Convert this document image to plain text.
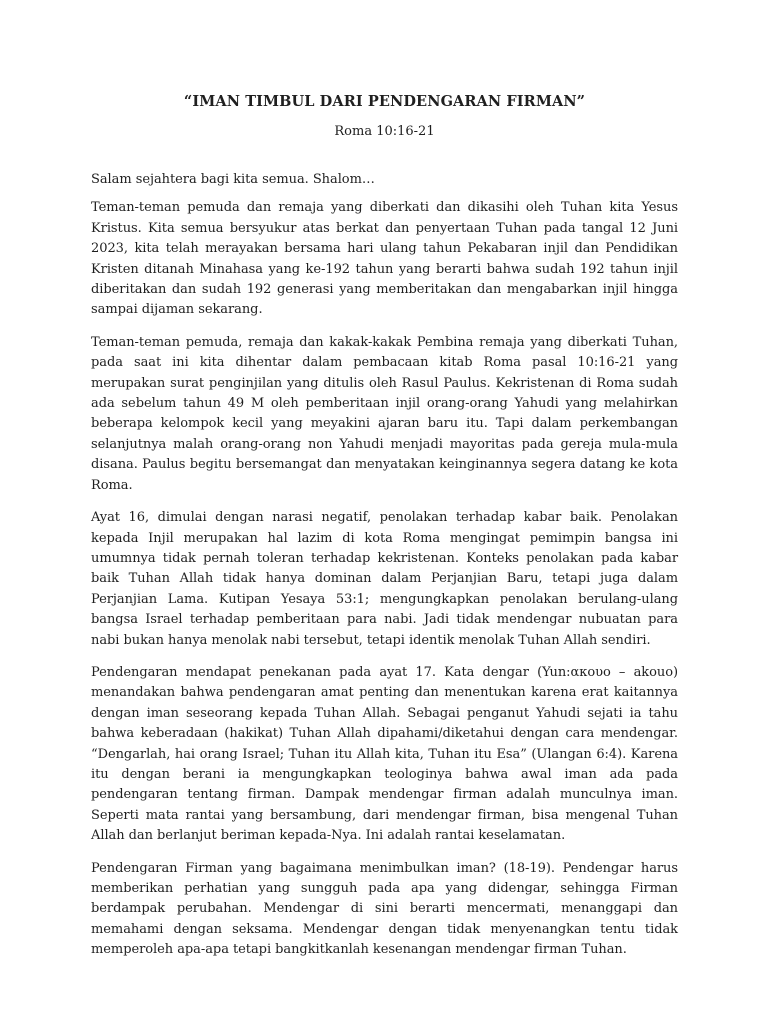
“IMAN TIMBUL DARI PENDENGARAN FIRMAN”

Roma 10:16-21

Salam sejahtera bagi kita semua. Shalom…

Teman-teman pemuda dan remaja yang diberkati dan dikasihi oleh Tuhan kita Yesus Kristus. Kita semua bersyukur atas berkat dan penyertaan Tuhan pada tangal 12 Juni 2023, kita telah merayakan bersama hari ulang tahun Pekabaran injil dan Pendidikan Kristen ditanah Minahasa yang ke-192 tahun yang berarti bahwa sudah 192 tahun injil diberitakan dan sudah 192 generasi yang memberitakan dan mengabarkan injil hingga sampai dijaman sekarang.

Teman-teman pemuda, remaja dan kakak-kakak Pembina remaja yang diberkati Tuhan, pada saat ini kita dihentar dalam pembacaan kitab Roma pasal 10:16-21 yang merupakan surat penginjilan yang ditulis oleh Rasul Paulus. Kekristenan di Roma sudah ada sebelum tahun 49 M oleh pemberitaan injil orang-orang Yahudi yang melahirkan beberapa kelompok kecil yang meyakini ajaran baru itu. Tapi dalam perkembangan selanjutnya malah orang-orang non Yahudi menjadi mayoritas pada gereja mula-mula disana. Paulus begitu bersemangat dan menyatakan keinginannya segera datang ke kota Roma.

Ayat 16, dimulai dengan narasi negatif, penolakan terhadap kabar baik. Penolakan kepada Injil merupakan hal lazim di kota Roma mengingat pemimpin bangsa ini umumnya tidak pernah toleran terhadap kekristenan. Konteks penolakan pada kabar baik Tuhan Allah tidak hanya dominan dalam Perjanjian Baru, tetapi juga dalam Perjanjian Lama. Kutipan Yesaya 53:1; mengungkapkan penolakan berulang-ulang bangsa Israel terhadap pemberitaan para nabi. Jadi tidak mendengar nubuatan para nabi bukan hanya menolak nabi tersebut, tetapi identik menolak Tuhan Allah sendiri.

Pendengaran mendapat penekanan pada ayat 17. Kata dengar (Yun:ακουο – akouo) menandakan bahwa pendengaran amat penting dan menentukan karena erat kaitannya dengan iman seseorang kepada Tuhan Allah. Sebagai penganut Yahudi sejati ia tahu bahwa keberadaan (hakikat) Tuhan Allah dipahami/diketahui dengan cara mendengar. “Dengarlah, hai orang Israel; Tuhan itu Allah kita, Tuhan itu Esa” (Ulangan 6:4). Karena itu dengan berani ia mengungkapkan teologinya bahwa awal iman ada pada pendengaran tentang firman. Dampak mendengar firman adalah munculnya iman. Seperti mata rantai yang bersambung, dari mendengar firman, bisa mengenal Tuhan Allah dan berlanjut beriman kepada-Nya. Ini adalah rantai keselamatan.

Pendengaran Firman yang bagaimana menimbulkan iman? (18-19). Pendengar harus memberikan perhatian yang sungguh pada apa yang didengar, sehingga Firman berdampak perubahan. Mendengar di sini berarti mencermati, menanggapi dan memahami dengan seksama. Mendengar dengan tidak menyenangkan tentu tidak memperoleh apa-apa tetapi bangkitkanlah kesenangan mendengar firman Tuhan.
